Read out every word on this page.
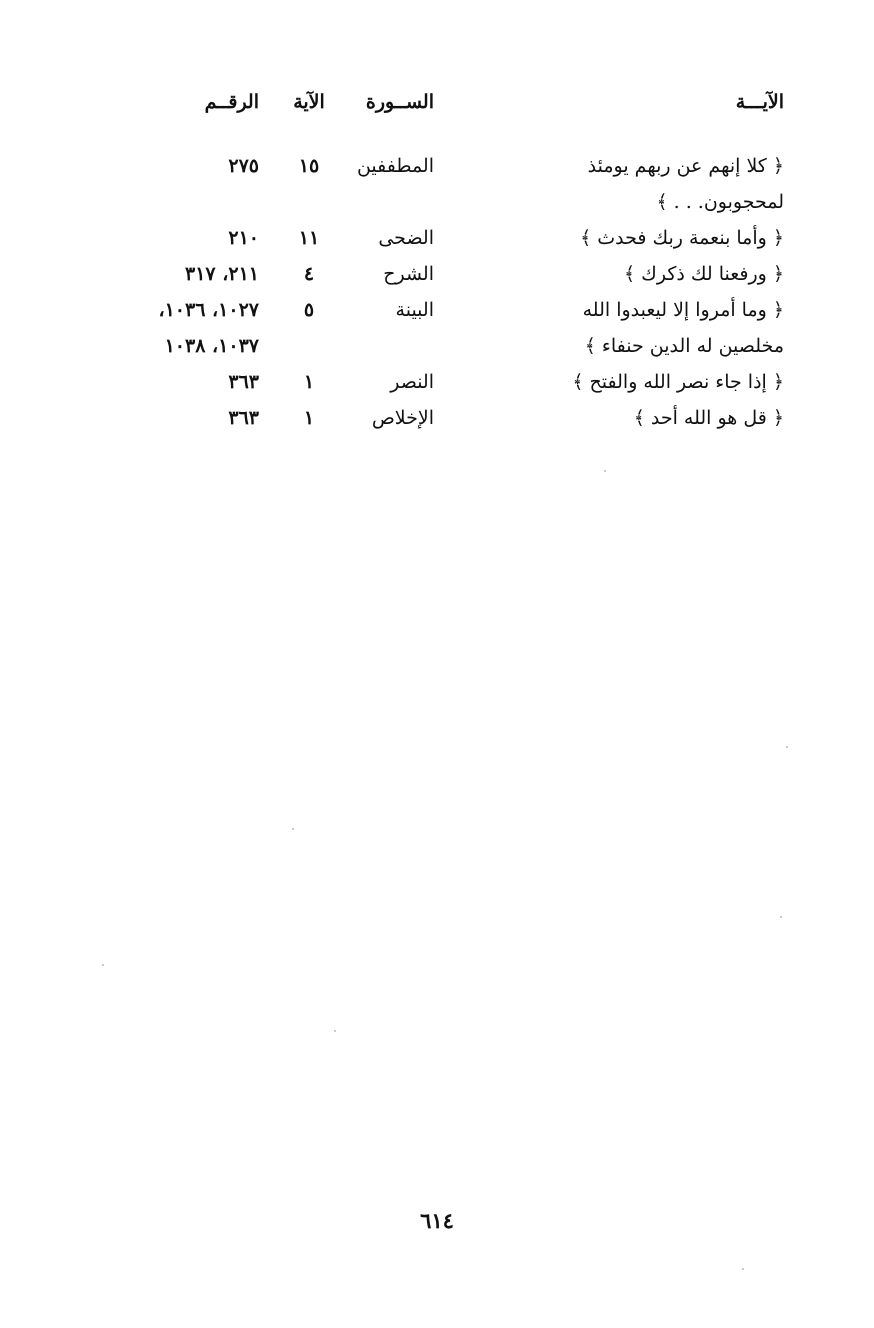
الآيـــة
الســورة
الآية
الرقــم
﴿ كلا إنهم عن ربهم يومئذ
المطففين
١٥
٢٧٥
لمحجوبون. . . ﴾
﴿ وأما بنعمة ربك فحدث ﴾
الضحى
١١
٢١٠
﴿ ورفعنا لك ذكرك ﴾
الشرح
٤
٢١١، ٣١٧
﴿ وما أمروا إلا ليعبدوا الله
البينة
٥
١٠٢٧، ١٠٣٦،
مخلصين له الدين حنفاء ﴾
١٠٣٧، ١٠٣٨
﴿ إذا جاء نصر الله والفتح ﴾
النصر
١
٣٦٣
﴿ قل هو الله أحد ﴾
الإخلاص
١
٣٦٣
٦١٤
